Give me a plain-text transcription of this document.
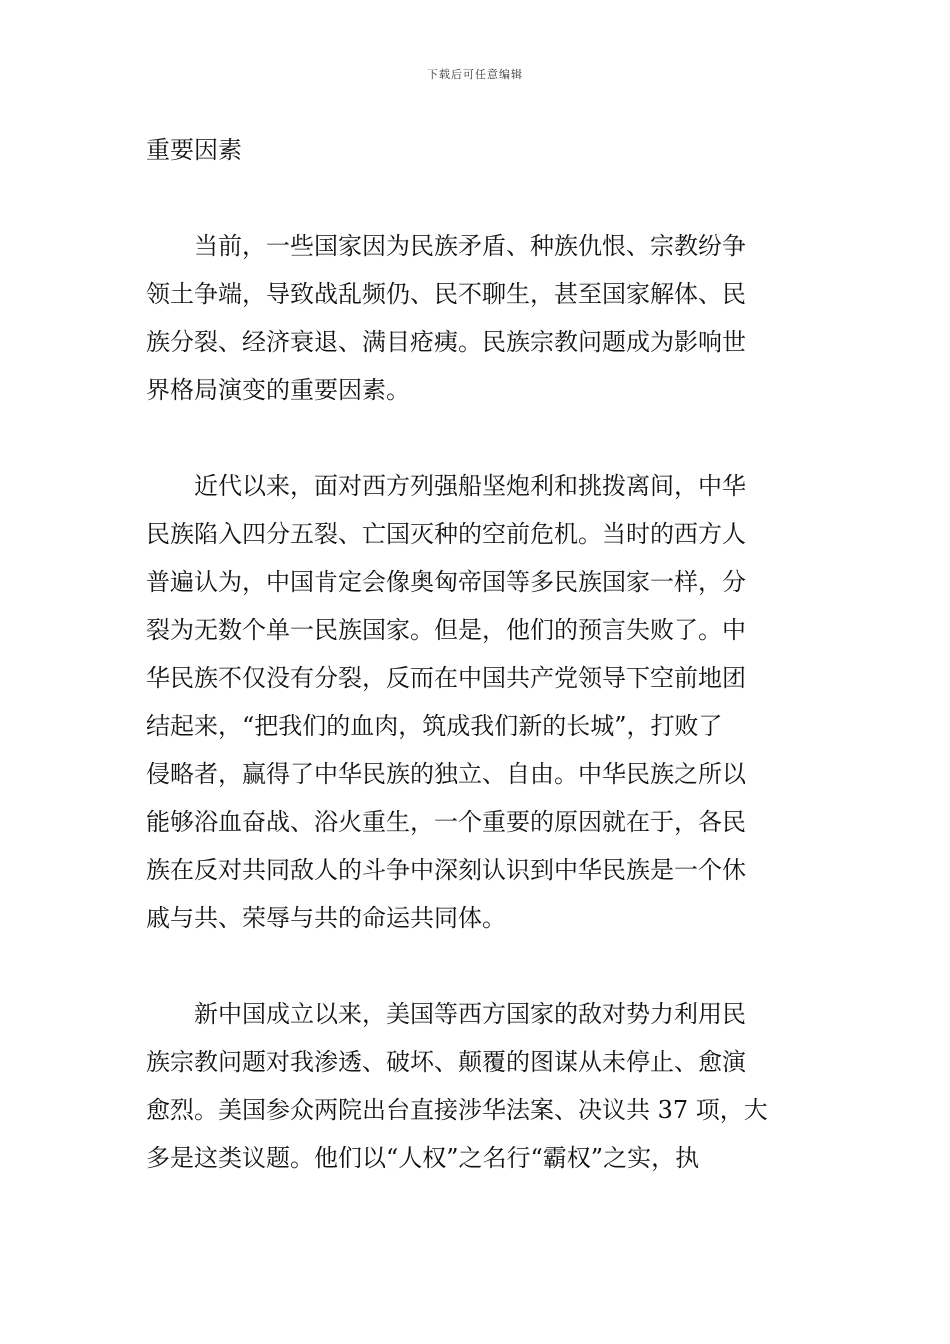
下载后可任意编辑
重要因素
当前，一些国家因为民族矛盾、种族仇恨、宗教纷争
领土争端，导致战乱频仍、民不聊生，甚至国家解体、民
族分裂、经济衰退、满目疮痍。民族宗教问题成为影响世
界格局演变的重要因素。
近代以来，面对西方列强船坚炮利和挑拨离间，中华
民族陷入四分五裂、亡国灭种的空前危机。当时的西方人
普遍认为，中国肯定会像奥匈帝国等多民族国家一样，分
裂为无数个单一民族国家。但是，他们的预言失败了。中
华民族不仅没有分裂，反而在中国共产党领导下空前地团
结起来，“把我们的血肉，筑成我们新的长城”，打败了
侵略者，赢得了中华民族的独立、自由。中华民族之所以
能够浴血奋战、浴火重生，一个重要的原因就在于，各民
族在反对共同敌人的斗争中深刻认识到中华民族是一个休
戚与共、荣辱与共的命运共同体。
新中国成立以来，美国等西方国家的敌对势力利用民
族宗教问题对我渗透、破坏、颠覆的图谋从未停止、愈演
愈烈。美国参众两院出台直接涉华法案、决议共 37 项，大
多是这类议题。他们以“人权”之名行“霸权”之实，执
